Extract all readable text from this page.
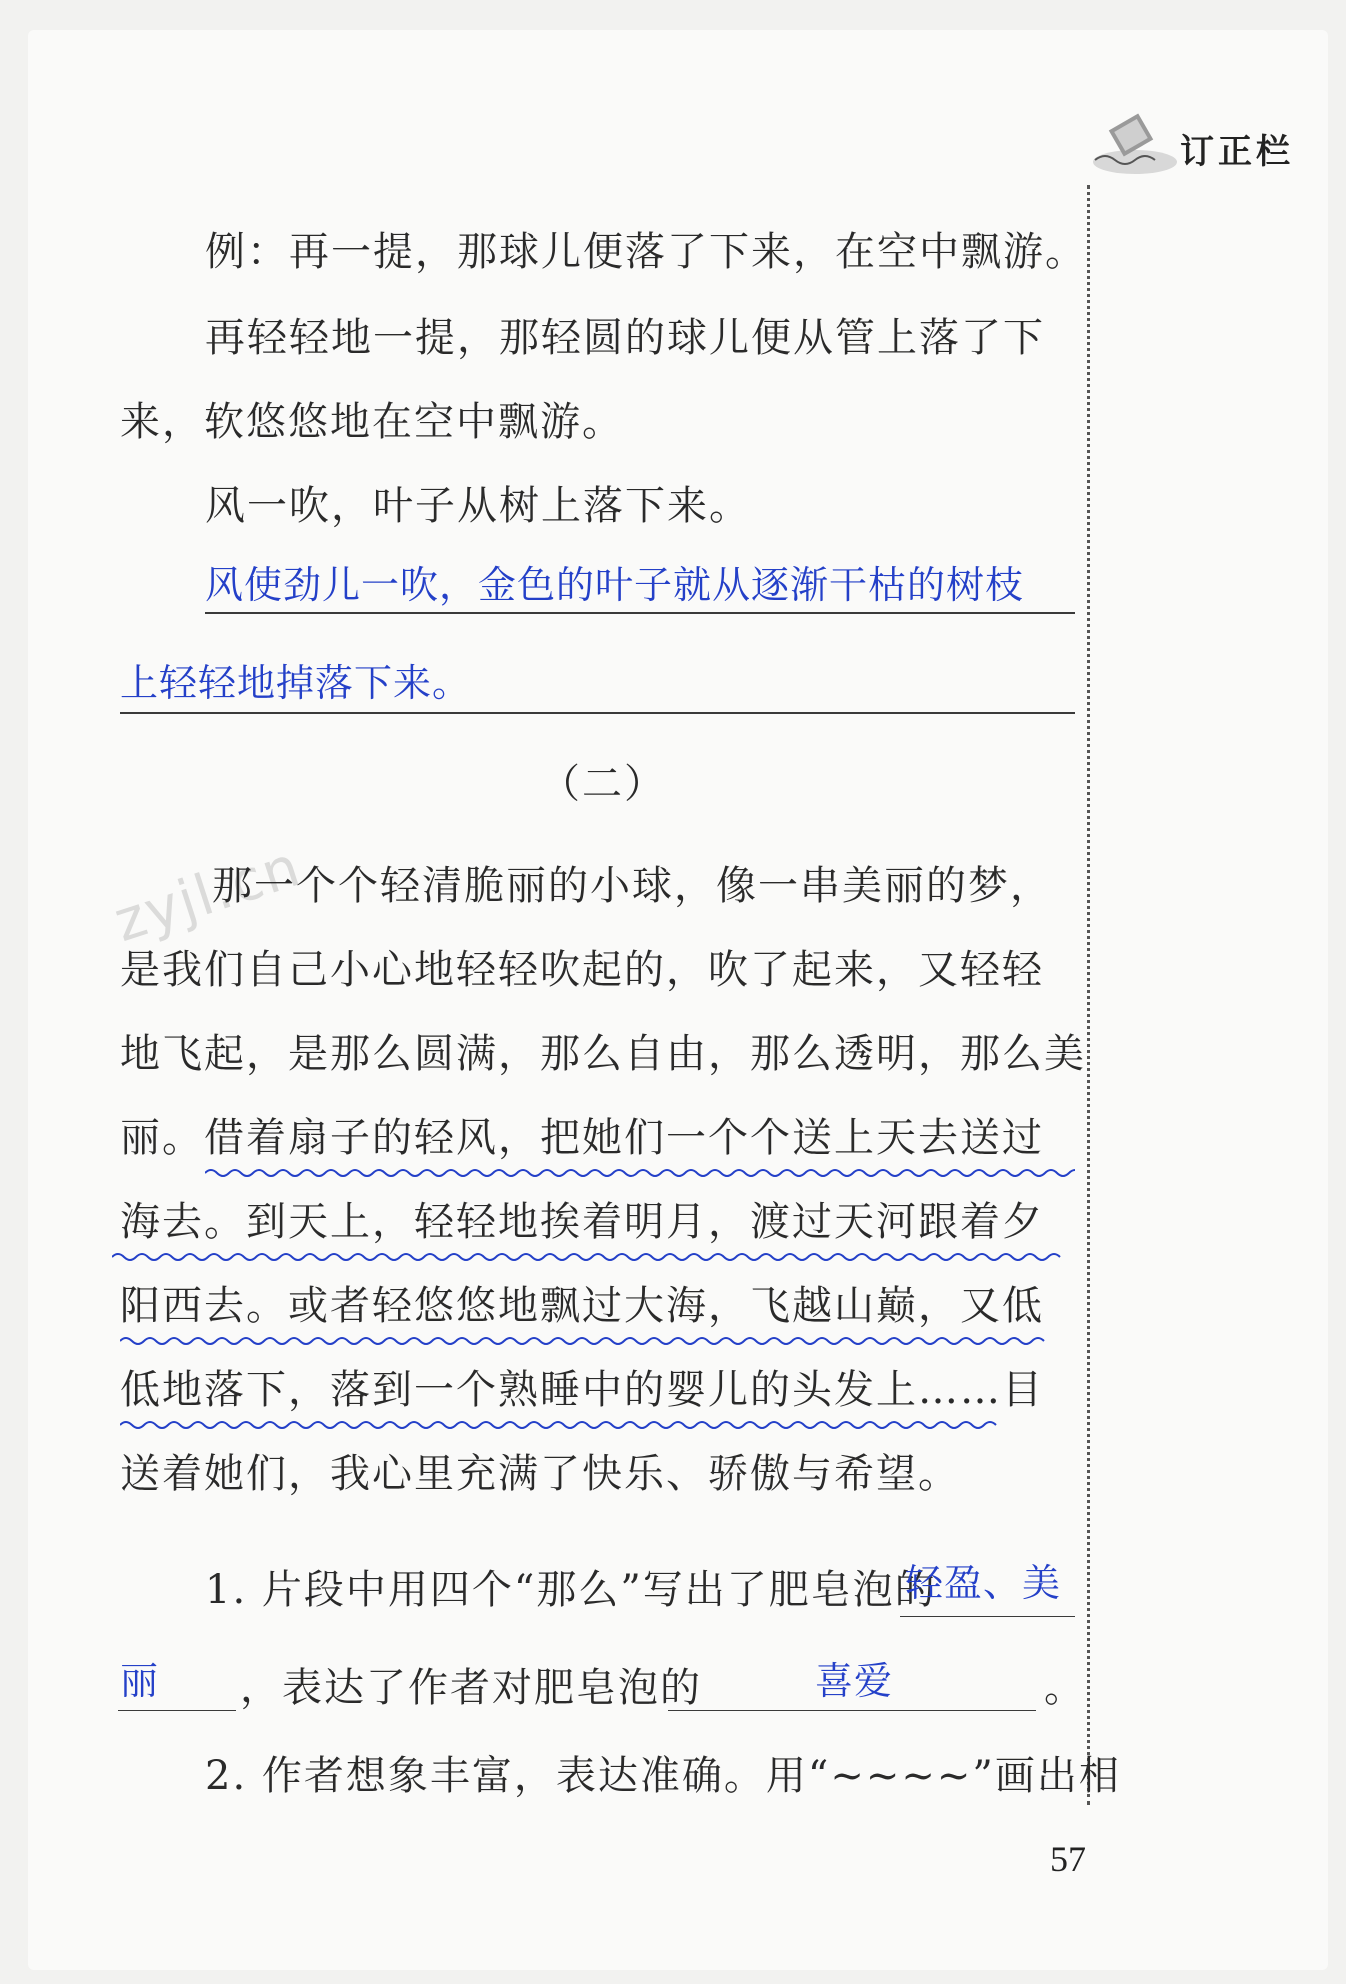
订正栏
例：再一提，那球儿便落了下来，在空中飘游。
再轻轻地一提，那轻圆的球儿便从管上落了下
来，软悠悠地在空中飘游。
风一吹，叶子从树上落下来。
风使劲儿一吹，金色的叶子就从逐渐干枯的树枝
上轻轻地掉落下来。
（二）
zyjl.cn
那一个个轻清脆丽的小球，像一串美丽的梦，
是我们自己小心地轻轻吹起的，吹了起来，又轻轻
地飞起，是那么圆满，那么自由，那么透明，那么美
丽。借着扇子的轻风，把她们一个个送上天去送过
海去。到天上，轻轻地挨着明月，渡过天河跟着夕
阳西去。或者轻悠悠地飘过大海，飞越山巅，又低
低地落下，落到一个熟睡中的婴儿的头发上……目
送着她们，我心里充满了快乐、骄傲与希望。
1. 片段中用四个“那么”写出了肥皂泡的
轻盈、美
丽 ，表达了作者对肥皂泡的	喜爱	。
2. 作者想象丰富，表达准确。用“~~~~”画出相
57
